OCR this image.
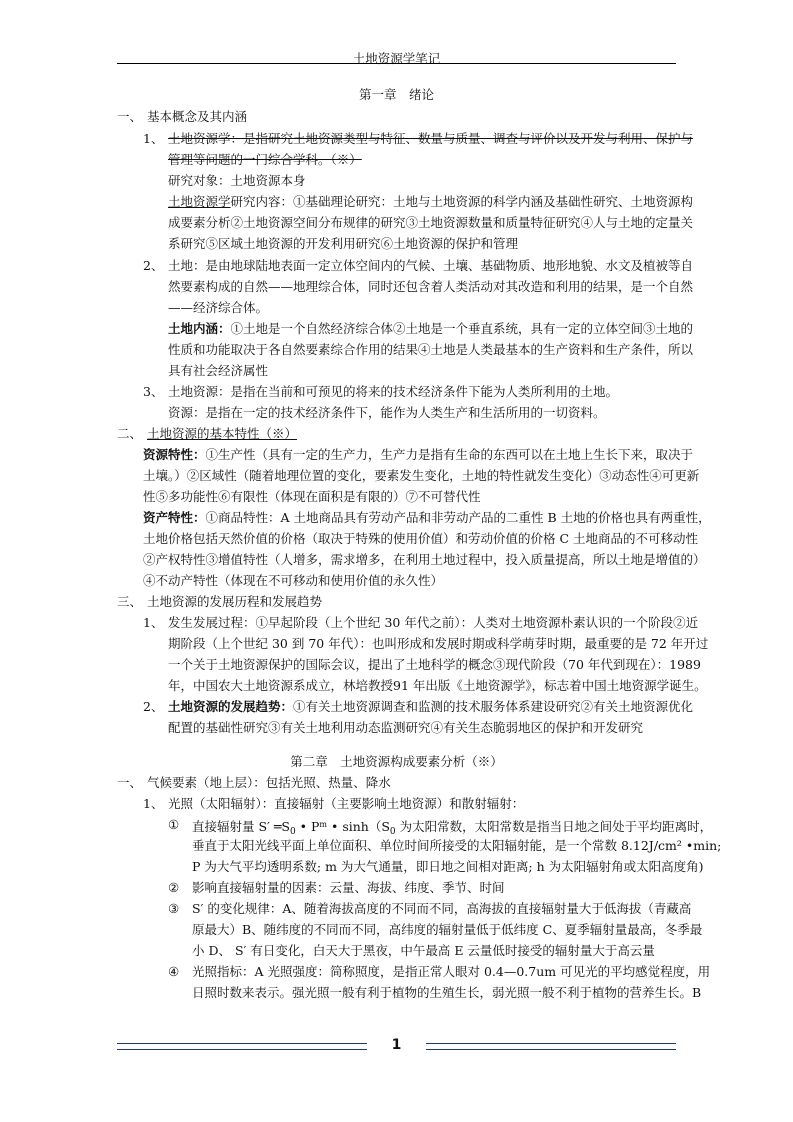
土地资源学笔记
第一章　绪论
一、 基本概念及其内涵
1、 土地资源学：是指研究土地资源类型与特征、数量与质量、调查与评价以及开发与利用、保护与
管理等问题的一门综合学科。（※）
研究对象：土地资源本身
土地资源学研究内容：①基础理论研究：土地与土地资源的科学内涵及基础性研究、土地资源构
成要素分析②土地资源空间分布规律的研究③土地资源数量和质量特征研究④人与土地的定量关
系研究⑤区域土地资源的开发利用研究⑥土地资源的保护和管理
2、 土地：是由地球陆地表面一定立体空间内的气候、土壤、基础物质、地形地貌、水文及植被等自
然要素构成的自然——地理综合体，同时还包含着人类活动对其改造和利用的结果，是一个自然
——经济综合体。
土地内涵：①土地是一个自然经济综合体②土地是一个垂直系统，具有一定的立体空间③土地的
性质和功能取决于各自然要素综合作用的结果④土地是人类最基本的生产资料和生产条件，所以
具有社会经济属性
3、 土地资源：是指在当前和可预见的将来的技术经济条件下能为人类所利用的土地。
资源：是指在一定的技术经济条件下，能作为人类生产和生活所用的一切资料。
二、 土地资源的基本特性（※）
资源特性：①生产性（具有一定的生产力，生产力是指有生命的东西可以在土地上生长下来，取决于
土壤。）②区域性（随着地理位置的变化，要素发生变化，土地的特性就发生变化）③动态性④可更新
性⑤多功能性⑥有限性（体现在面积是有限的）⑦不可替代性
资产特性：①商品特性：A 土地商品具有劳动产品和非劳动产品的二重性 B 土地的价格也具有两重性，
土地价格包括天然价值的价格（取决于特殊的使用价值）和劳动价值的价格 C 土地商品的不可移动性
②产权特性③增值特性（人增多，需求增多，在利用土地过程中，投入质量提高，所以土地是增值的）
④不动产特性（体现在不可移动和使用价值的永久性）
三、 土地资源的发展历程和发展趋势
1、 发生发展过程：①早起阶段（上个世纪 30 年代之前）：人类对土地资源朴素认识的一个阶段②近
期阶段（上个世纪 30 到 70 年代）：也叫形成和发展时期或科学萌芽时期，最重要的是 72 年开过
一个关于土地资源保护的国际会议，提出了土地科学的概念③现代阶段（70 年代到现在）：1989
年，中国农大土地资源系成立，林培教授91 年出版《土地资源学》，标志着中国土地资源学诞生。
2、 土地资源的发展趋势：①有关土地资源调查和监测的技术服务体系建设研究②有关土地资源优化
配置的基础性研究③有关土地利用动态监测研究④有关生态脆弱地区的保护和开发研究
第二章　土地资源构成要素分析（※）
一、 气候要素（地上层）：包括光照、热量、降水
1、 光照（太阳辐射）：直接辐射（主要影响土地资源）和散射辐射：
① 直接辐射量 S′ $═S_0$ • $P^m$ • $\sinh(S_0$ 为太阳常数，太阳常数是指当日地之间处于平均距离时，
垂直于太阳光线平面上单位面积、单位时间所接受的太阳辐射能，是一个常数 8.12J/cm² •min;
P 为大气平均透明系数; m 为大气通量，即日地之间相对距离; h 为太阳辐射角或太阳高度角)
② 影响直接辐射量的因素：云量、海拔、纬度、季节、时间
③ S′ 的变化规律：A、随着海拔高度的不同而不同，高海拔的直接辐射量大于低海拔（青藏高
原最大）B、随纬度的不同而不同，高纬度的辐射量低于低纬度 C、夏季辐射量最高，冬季最
小 D、 S′ 有日变化，白天大于黑夜，中午最高 E 云量低时接受的辐射量大于高云量
④ 光照指标：A 光照强度：简称照度，是指正常人眼对 0.4—0.7um 可见光的平均感觉程度，用
日照时数来表示。强光照一般有利于植物的生殖生长，弱光照一般不利于植物的营养生长。B
1
